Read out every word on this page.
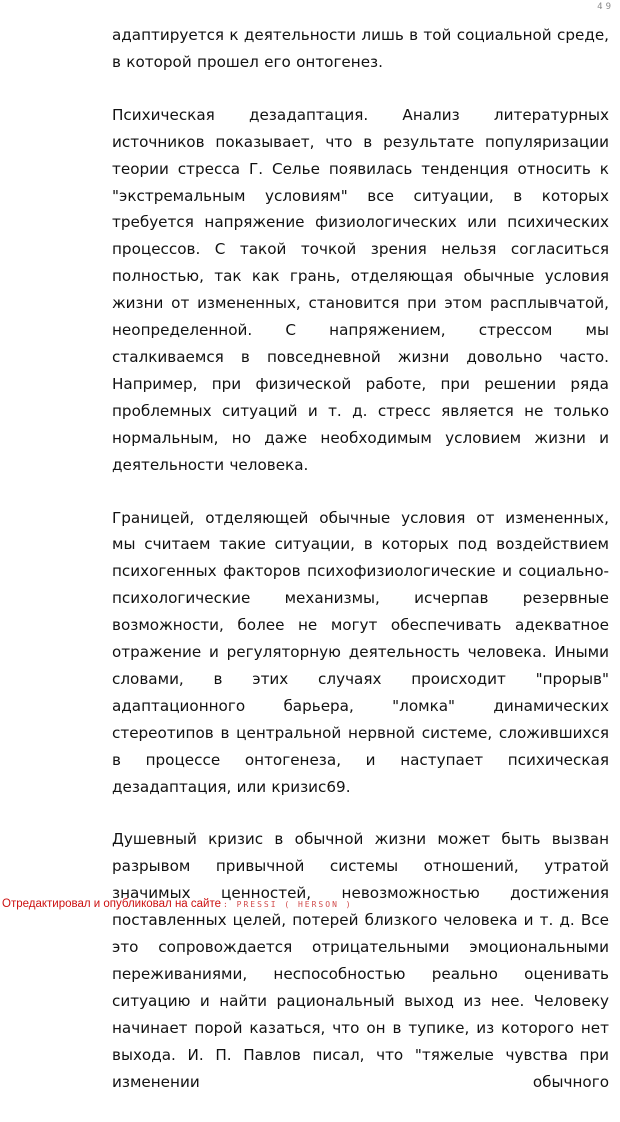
49

адаптируется к деятельности лишь в той социальной среде, в которой прошел его онтогенез.

Психическая дезадаптация. Анализ литературных источников показывает, что в результате популяризации теории стресса Г. Селье появилась тенденция относить к "экстремальным условиям" все ситуации, в которых требуется напряжение физиологических или психических процессов. С такой точкой зрения нельзя согласиться полностью, так как грань, отделяющая обычные условия жизни от измененных, становится при этом расплывчатой, неопределенной. С напряжением, стрессом мы сталкиваемся в повседневной жизни довольно часто. Например, при физической работе, при решении ряда проблемных ситуаций и т. д. стресс является не только нормальным, но даже необходимым условием жизни и деятельности человека.

Границей, отделяющей обычные условия от измененных, мы считаем такие ситуации, в которых под воздействием психогенных факторов психофизиологические и социально-психологические механизмы, исчерпав резервные возможности, более не могут обеспечивать адекватное отражение и регуляторную деятельность человека. Иными словами, в этих случаях происходит "прорыв" адаптационного барьера, "ломка" динамических стереотипов в центральной нервной системе, сложившихся в процессе онтогенеза, и наступает психическая дезадаптация, или кризис69.

Душевный кризис в обычной жизни может быть вызван разрывом привычной системы отношений, утратой значимых ценностей, невозможностью достижения поставленных целей, потерей близкого человека и т. д. Все это сопровождается отрицательными эмоциональными переживаниями, неспособностью реально оценивать ситуацию и найти рациональный выход из нее. Человеку начинает порой казаться, что он в тупике, из которого нет выхода. И. П. Павлов писал, что "тяжелые чувства при изменении обычного

Отредактировал и опубликовал на сайте : PRESSI ( HERSON )
